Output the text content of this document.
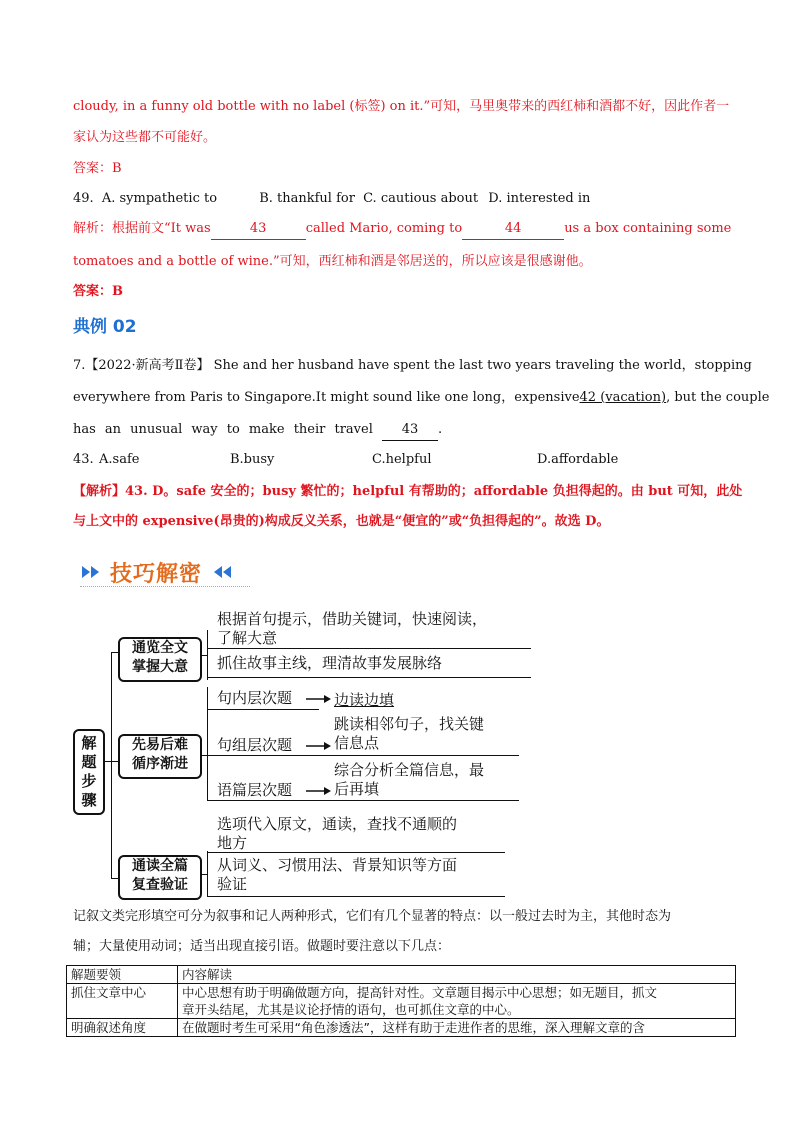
cloudy, in a funny old bottle with no label (标签) on it.”可知，马里奥带来的西红柿和酒都不好，因此作者一
家认为这些都不可能好。
答案：B
49. A. sympathetic to	B. thankful for C. cautious about D. interested in
解析：根据前文“It was	43	called Mario, coming to	44	us a box containing some
tomatoes and a bottle of wine.”可知，西红柿和酒是邻居送的，所以应该是很感谢他。
答案：B
典例 02
7.【2022·新高考Ⅱ卷】 She and her husband have spent the last two years traveling the world，stopping
everywhere from Paris to Singapore.It might sound like one long，expensive 42 (vacation), but the couple
has an unusual way to make their travel 43 .
43. A.safe	B.busy	C.helpful	D.affordable
【解析】43. D。safe 安全的；busy 繁忙的；helpful 有帮助的；affordable 负担得起的。由 but 可知，此处
与上文中的 expensive(昂贵的)构成反义关系，也就是“便宜的”或“负担得起的”。故选 D。
技巧解密
解题步骤
通览全文
掌握大意
根据首句提示，借助关键词，快速阅读，
了解大意
抓住故事主线，理清故事发展脉络
先易后难
循序渐进
句内层次题	边读边填
句组层次题
跳读相邻句子，找关键
信息点
语篇层次题
综合分析全篇信息，最
后再填
通读全篇
复查验证
选项代入原文，通读，查找不通顺的
地方
从词义、习惯用法、背景知识等方面
验证
记叙文类完形填空可分为叙事和记人两种形式，它们有几个显著的特点：以一般过去时为主，其他时态为
辅；大量使用动词；适当出现直接引语。做题时要注意以下几点：
解题要领	内容解读
抓住文章中心	中心思想有助于明确做题方向，提高针对性。文章题目揭示中心思想；如无题目，抓文
章开头结尾，尤其是议论抒情的语句，也可抓住文章的中心。

明确叙述角度	在做题时考生可采用“角色渗透法”，这样有助于走进作者的思维，深入理解文章的含
